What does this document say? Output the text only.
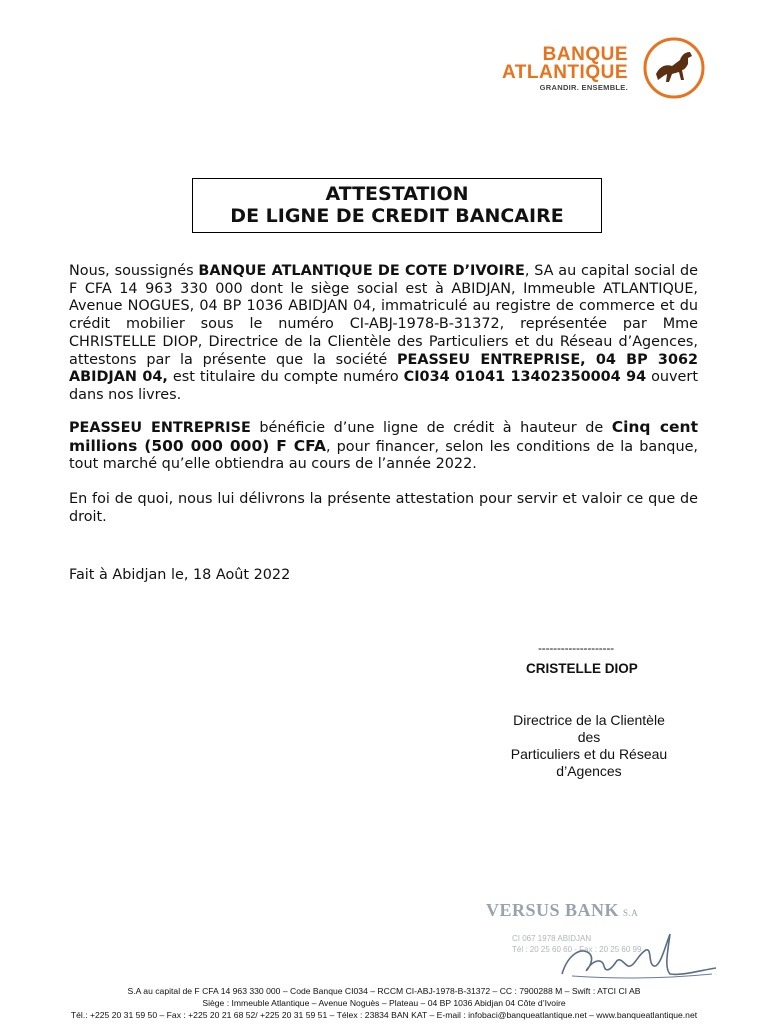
BANQUE
ATLANTIQUE
GRANDIR. ENSEMBLE.
ATTESTATION
DE LIGNE DE CREDIT BANCAIRE
Nous, soussignés BANQUE ATLANTIQUE DE COTE D’IVOIRE, SA au capital social de F CFA 14 963 330 000 dont le siège social est à ABIDJAN, Immeuble ATLANTIQUE, Avenue NOGUES, 04 BP 1036 ABIDJAN 04, immatriculé au registre de commerce et du crédit mobilier sous le numéro CI-ABJ-1978-B-31372, représentée par Mme CHRISTELLE DIOP, Directrice de la Clientèle des Particuliers et du Réseau d’Agences, attestons par la présente que la société PEASSEU ENTREPRISE, 04 BP 3062 ABIDJAN 04, est titulaire du compte numéro CI034 01041 13402350004 94 ouvert dans nos livres.
PEASSEU ENTREPRISE bénéficie d’une ligne de crédit à hauteur de Cinq cent millions (500 000 000) F CFA, pour financer, selon les conditions de la banque, tout marché qu’elle obtiendra au cours de l’année 2022.
En foi de quoi, nous lui délivrons la présente attestation pour servir et valoir ce que de droit.
Fait à Abidjan le, 18 Août 2022
--------------------
CRISTELLE DIOP
Directrice de la Clientèle
des
Particuliers et du Réseau
d’Agences
VERSUS BANK S.A
CI 067 1978 ABIDJAN
Tél : 20 25 60 60 - Fax : 20 25 60 99
S.A au capital de F CFA 14 963 330 000 – Code Banque CI034 – RCCM CI-ABJ-1978-B-31372 – CC : 7900288 M – Swift : ATCI CI AB
Siège : Immeuble Atlantique – Avenue Noguès – Plateau – 04 BP 1036 Abidjan 04 Côte d’Ivoire
Tél.: +225 20 31 59 50 – Fax : +225 20 21 68 52/ +225 20 31 59 51 – Télex : 23834 BAN KAT – E-mail : infobaci@banqueatlantique.net – www.banqueatlantique.net
